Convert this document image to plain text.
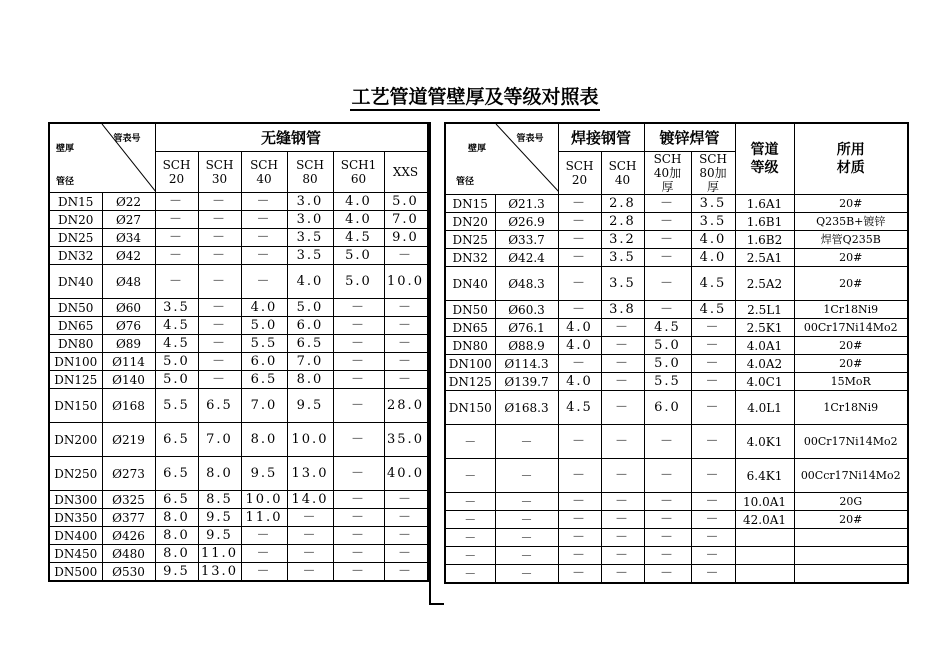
工艺管道管壁厚及等级对照表
管表号
壁厚
管径		无缝钢管					
		SCH20	SCH30	SCH40	SCH80	SCH160	XXS
DN15	Ø22	－	－	－	3.0	4.0	5.0
DN20	Ø27	－	－	－	3.0	4.0	7.0
DN25	Ø34	－	－	－	3.5	4.5	9.0
DN32	Ø42	－	－	－	3.5	5.0	－
DN40	Ø48	－	－	－	4.0	5.0	10.0
DN50	Ø60	3.5	－	4.0	5.0	－	－
DN65	Ø76	4.5	－	5.0	6.0	－	－
DN80	Ø89	4.5	－	5.5	6.5	－	－
DN100	Ø114	5.0	－	6.0	7.0	－	－
DN125	Ø140	5.0	－	6.5	8.0	－	－
DN150	Ø168	5.5	6.5	7.0	9.5	－	28.0
DN200	Ø219	6.5	7.0	8.0	10.0	－	35.0
DN250	Ø273	6.5	8.0	9.5	13.0	－	40.0
DN300	Ø325	6.5	8.5	10.0	14.0	－	－
DN350	Ø377	8.0	9.5	11.0	－	－	－
DN400	Ø426	8.0	9.5	－	－	－	－
DN450	Ø480	8.0	11.0	－	－	－	－
DN500	Ø530	9.5	13.0	－	－	－	－
管表号
壁厚
管径		焊接钢管		镀锌焊管		管道等级	所用材质
		SCH20	SCH40	SCH40加厚	SCH80加厚		
DN15	Ø21.3	－	2.8	－	3.5	1.6A1	20#
DN20	Ø26.9	－	2.8	－	3.5	1.6B1	Q235B+镀锌
DN25	Ø33.7	－	3.2	－	4.0	1.6B2	焊管Q235B
DN32	Ø42.4	－	3.5	－	4.0	2.5A1	20#
DN40	Ø48.3	－	3.5	－	4.5	2.5A2	20#
DN50	Ø60.3	－	3.8	－	4.5	2.5L1	1Cr18Ni9
DN65	Ø76.1	4.0	－	4.5	－	2.5K1	00Cr17Ni14Mo2
DN80	Ø88.9	4.0	－	5.0	－	4.0A1	20#
DN100	Ø114.3	－	－	5.0	－	4.0A2	20#
DN125	Ø139.7	4.0	－	5.5	－	4.0C1	15MoR
DN150	Ø168.3	4.5	－	6.0	－	4.0L1	1Cr18Ni9
－	－	－	－	－	－	4.0K1	00Cr17Ni14Mo2
－	－	－	－	－	－	6.4K1	00Ccr17Ni14Mo2
－	－	－	－	－	－	10.0A1	20G
－	－	－	－	－	－	42.0A1	20#
－	－	－	－	－	－		
－	－	－	－	－	－		
－	－	－	－	－	－		
